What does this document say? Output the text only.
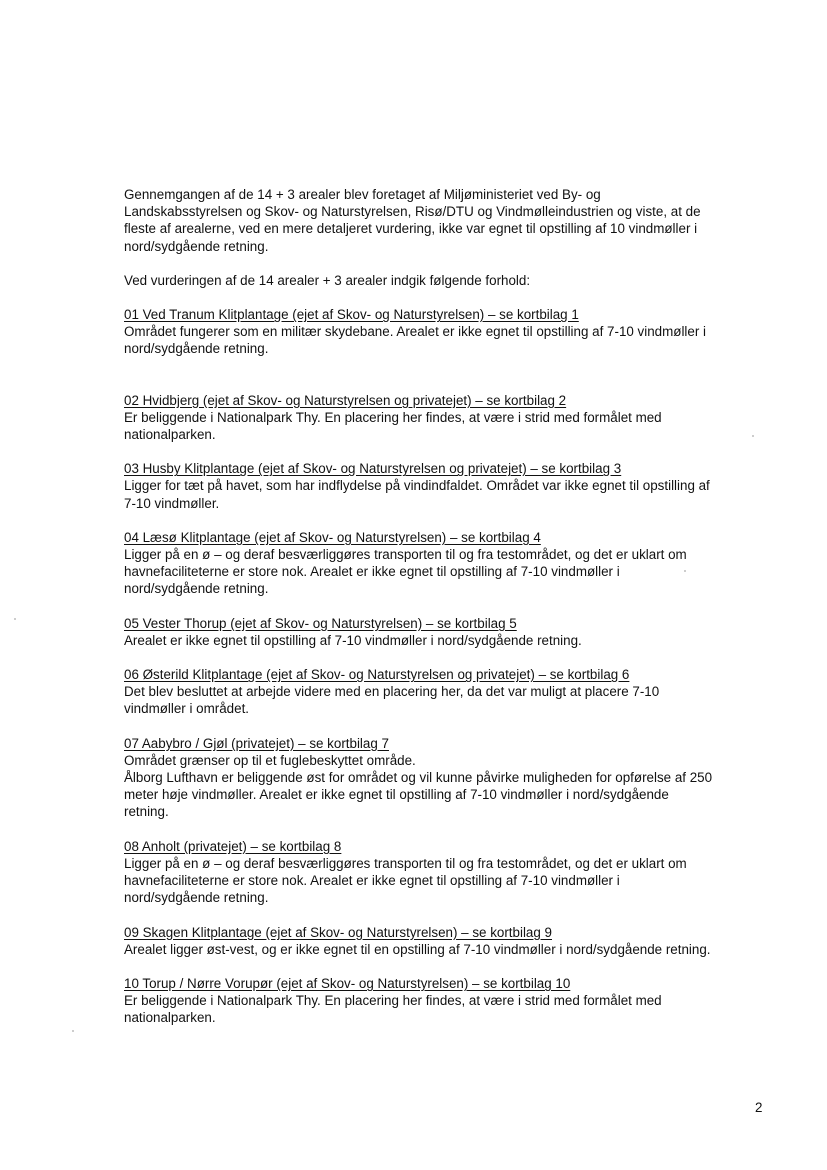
Gennemgangen af de 14 + 3 arealer blev foretaget af Miljøministeriet ved By- og
Landskabsstyrelsen og Skov- og Naturstyrelsen, Risø/DTU og Vindmølleindustrien og viste, at de
fleste af arealerne, ved en mere detaljeret vurdering, ikke var egnet til opstilling af 10 vindmøller i
nord/sydgående retning.

Ved vurderingen af de 14 arealer + 3 arealer indgik følgende forhold:

01 Ved Tranum Klitplantage (ejet af Skov- og Naturstyrelsen) – se kortbilag 1
Området fungerer som en militær skydebane. Arealet er ikke egnet til opstilling af 7-10 vindmøller i
nord/sydgående retning.
02 Hvidbjerg (ejet af Skov- og Naturstyrelsen og privatejet) – se kortbilag 2
Er beliggende i Nationalpark Thy. En placering her findes, at være i strid med formålet med
nationalparken.
03 Husby Klitplantage (ejet af Skov- og Naturstyrelsen og privatejet) – se kortbilag 3
Ligger for tæt på havet, som har indflydelse på vindindfaldet. Området var ikke egnet til opstilling af
7-10 vindmøller.
04 Læsø Klitplantage (ejet af Skov- og Naturstyrelsen) – se kortbilag 4
Ligger på en ø – og deraf besværliggøres transporten til og fra testområdet, og det er uklart om
havnefaciliteterne er store nok. Arealet er ikke egnet til opstilling af 7-10 vindmøller i
nord/sydgående retning.
05 Vester Thorup (ejet af Skov- og Naturstyrelsen) – se kortbilag 5
Arealet er ikke egnet til opstilling af 7-10 vindmøller i nord/sydgående retning.
06 Østerild Klitplantage (ejet af Skov- og Naturstyrelsen og privatejet) – se kortbilag 6
Det blev besluttet at arbejde videre med en placering her, da det var muligt at placere 7-10
vindmøller i området.
07 Aabybro / Gjøl (privatejet) – se kortbilag 7
Området grænser op til et fuglebeskyttet område.
Ålborg Lufthavn er beliggende øst for området og vil kunne påvirke muligheden for opførelse af 250
meter høje vindmøller. Arealet er ikke egnet til opstilling af 7-10 vindmøller i nord/sydgående
retning.
08 Anholt (privatejet) – se kortbilag 8
Ligger på en ø – og deraf besværliggøres transporten til og fra testområdet, og det er uklart om
havnefaciliteterne er store nok. Arealet er ikke egnet til opstilling af 7-10 vindmøller i
nord/sydgående retning.
09 Skagen Klitplantage (ejet af Skov- og Naturstyrelsen) – se kortbilag 9
Arealet ligger øst-vest, og er ikke egnet til en opstilling af 7-10 vindmøller i nord/sydgående retning.
10 Torup / Nørre Vorupør (ejet af Skov- og Naturstyrelsen) – se kortbilag 10
Er beliggende i Nationalpark Thy. En placering her findes, at være i strid med formålet med
nationalparken.
2
